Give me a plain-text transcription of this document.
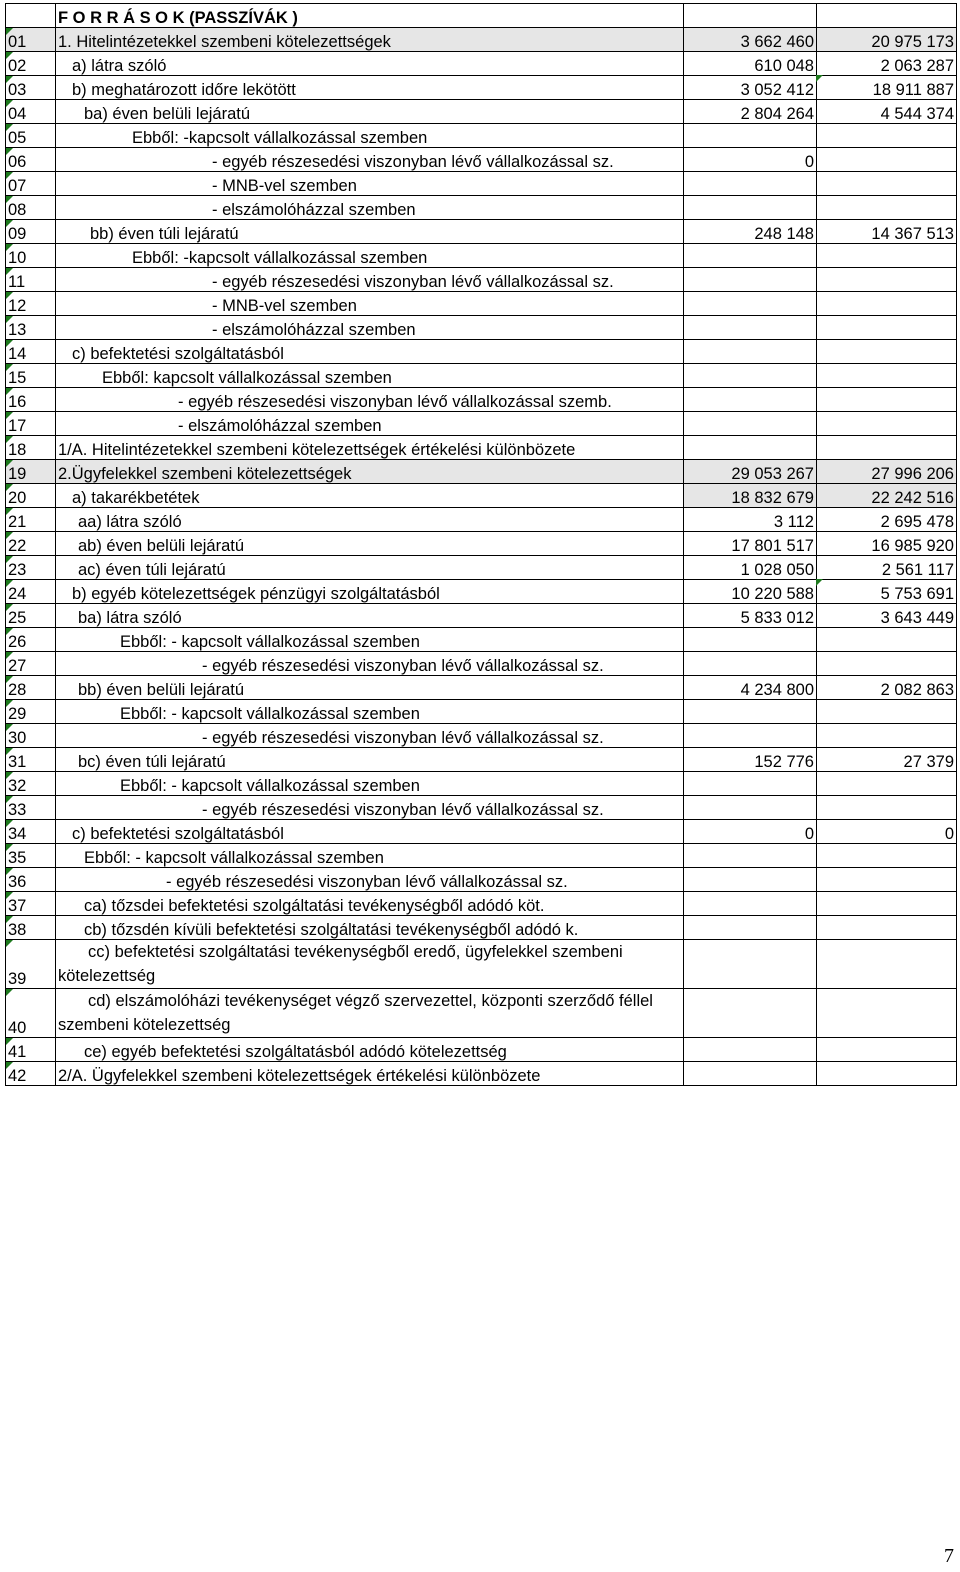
	F O R R Á S O K (PASSZÍVÁK )		

01	1. Hitelintézetekkel szembeni kötelezettségek	3 662 460	20 975 173

02	a) látra szóló	610 048	2 063 287

03	b) meghatározott időre lekötött	3 052 412	18 911 887

04	ba) éven belüli lejáratú	2 804 264	4 544 374

05	Ebből: -kapcsolt vállalkozással szemben		

06	- egyéb részesedési viszonyban lévő vállalkozással sz.	0	

07	- MNB-vel szemben		

08	- elszámolóházzal szemben		

09	bb) éven túli lejáratú	248 148	14 367 513

10	Ebből: -kapcsolt vállalkozással szemben		

11	- egyéb részesedési viszonyban lévő vállalkozással sz.		

12	- MNB-vel szemben		

13	- elszámolóházzal szemben		

14	c) befektetési szolgáltatásból		

15	Ebből: kapcsolt vállalkozással szemben		

16	- egyéb részesedési viszonyban lévő vállalkozással szemb.		

17	- elszámolóházzal szemben		

18	1/A. Hitelintézetekkel szembeni kötelezettségek értékelési különbözete		

19	2.Ügyfelekkel szembeni kötelezettségek	29 053 267	27 996 206

20	a) takarékbetétek	18 832 679	22 242 516

21	aa) látra szóló	3 112	2 695 478

22	ab) éven belüli lejáratú	17 801 517	16 985 920

23	ac) éven túli lejáratú	1 028 050	2 561 117

24	b) egyéb kötelezettségek pénzügyi szolgáltatásból	10 220 588	5 753 691

25	ba) látra szóló	5 833 012	3 643 449

26	Ebből: - kapcsolt vállalkozással szemben		

27	- egyéb részesedési viszonyban lévő vállalkozással sz.		

28	bb) éven belüli lejáratú	4 234 800	2 082 863

29	Ebből: - kapcsolt vállalkozással szemben		

30	- egyéb részesedési viszonyban lévő vállalkozással sz.		

31	bc) éven túli lejáratú	152 776	27 379

32	Ebből: - kapcsolt vállalkozással szemben		

33	- egyéb részesedési viszonyban lévő vállalkozással sz.		

34	c) befektetési szolgáltatásból	0	0

35	Ebből: - kapcsolt vállalkozással szemben		

36	- egyéb részesedési viszonyban lévő vállalkozással sz.		

37	ca) tőzsdei befektetési szolgáltatási tevékenységből adódó köt.		

38	cb) tőzsdén kívüli befektetési szolgáltatási tevékenységből adódó k.		

39	cc) befektetési szolgáltatási tevékenységből eredő, ügyfelekkel szembeni kötelezettség		

40	cd) elszámolóházi tevékenységet végző szervezettel, központi szerződő féllel szembeni kötelezettség		

41	ce) egyéb befektetési szolgáltatásból adódó kötelezettség		

42	2/A. Ügyfelekkel szembeni kötelezettségek értékelési különbözete		
7
